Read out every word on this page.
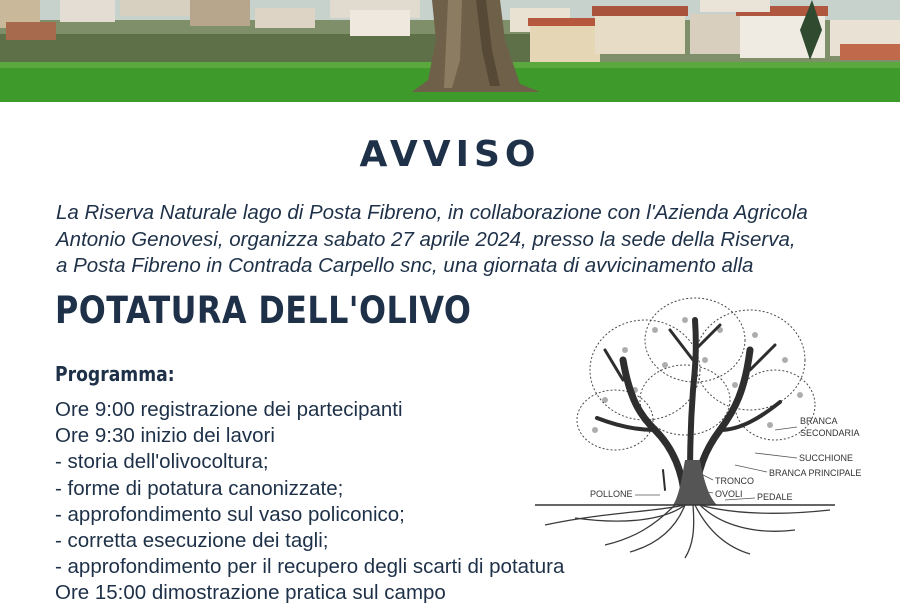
AVVISO

La Riserva Naturale lago di Posta Fibreno, in collaborazione con l'Azienda Agricola
Antonio Genovesi, organizza sabato 27 aprile 2024, presso la sede della Riserva,
a Posta Fibreno in Contrada Carpello snc, una giornata di avvicinamento alla

POTATURA DELL'OLIVO
Programma:
Ore 9:00 registrazione dei partecipanti
Ore 9:30 inizio dei lavori
- storia dell'olivocoltura;
- forme di potatura canonizzate;
- approfondimento sul vaso policonico;
- corretta esecuzione dei tagli;
- approfondimento per il recupero degli scarti di potatura
Ore 15:00 dimostrazione pratica sul campo
BRANCA
SECONDARIA
SUCCHIONE
BRANCA PRINCIPALE
TRONCO
OVOLI PEDALE
POLLONE
